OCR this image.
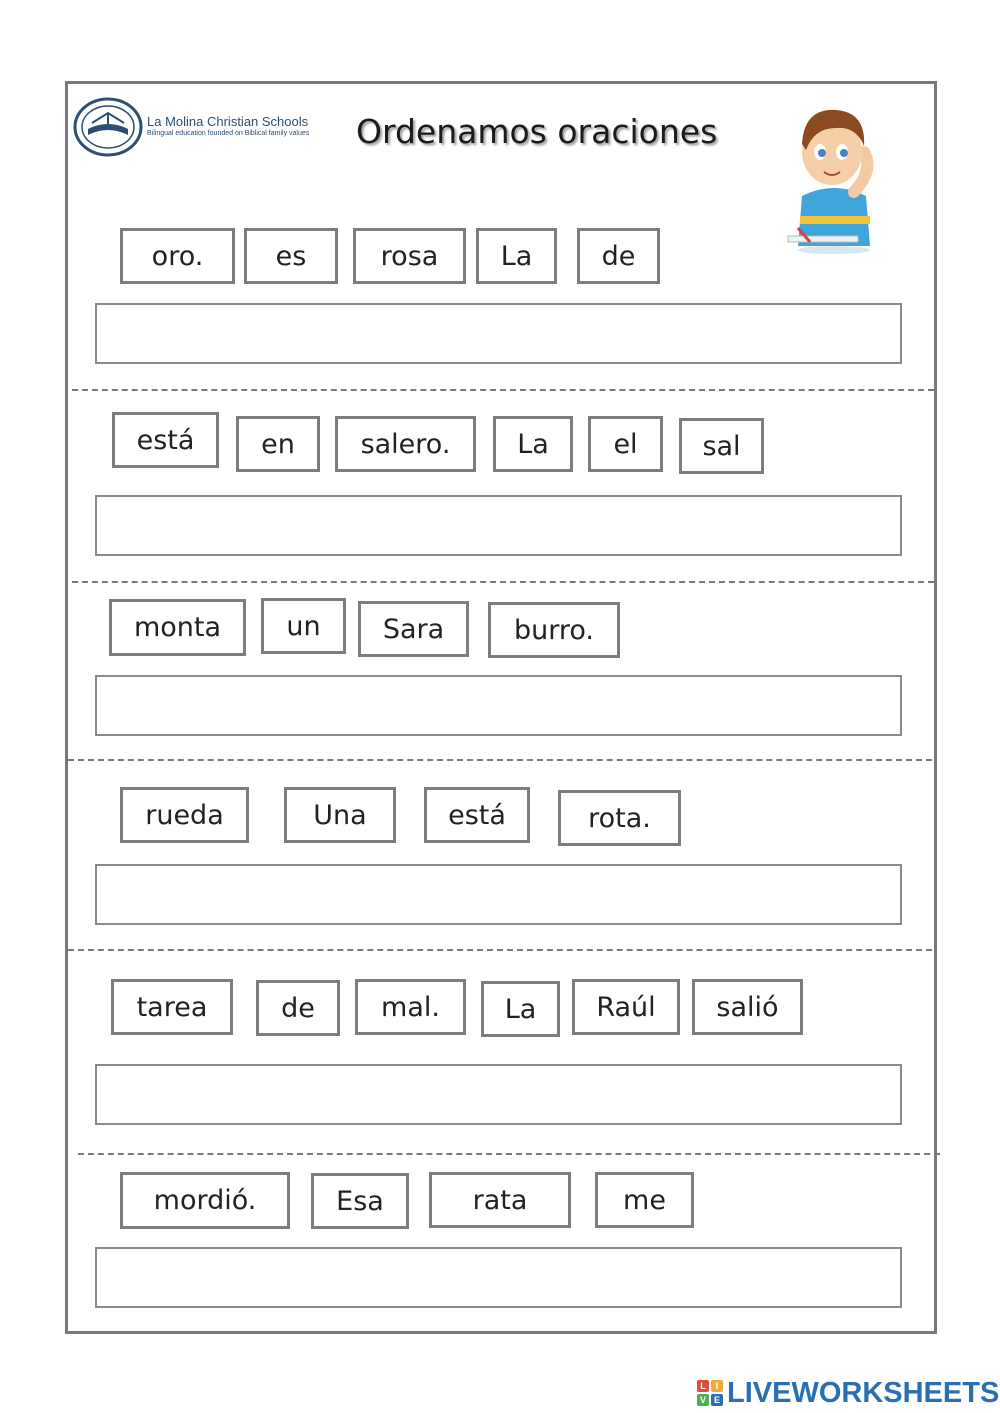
La Molina Christian Schools
Bilingual education founded on Biblical family values Ordenamos oraciones
oro.	es	rosa	La	de
está	en	salero.	La	el	sal
monta	un	Sara	burro.
rueda	Una	está	rota.
tarea	de	mal.	La	Raúl	salió
mordió.	Esa	rata	me
L	I
V E LIVEWORKSHEETS
